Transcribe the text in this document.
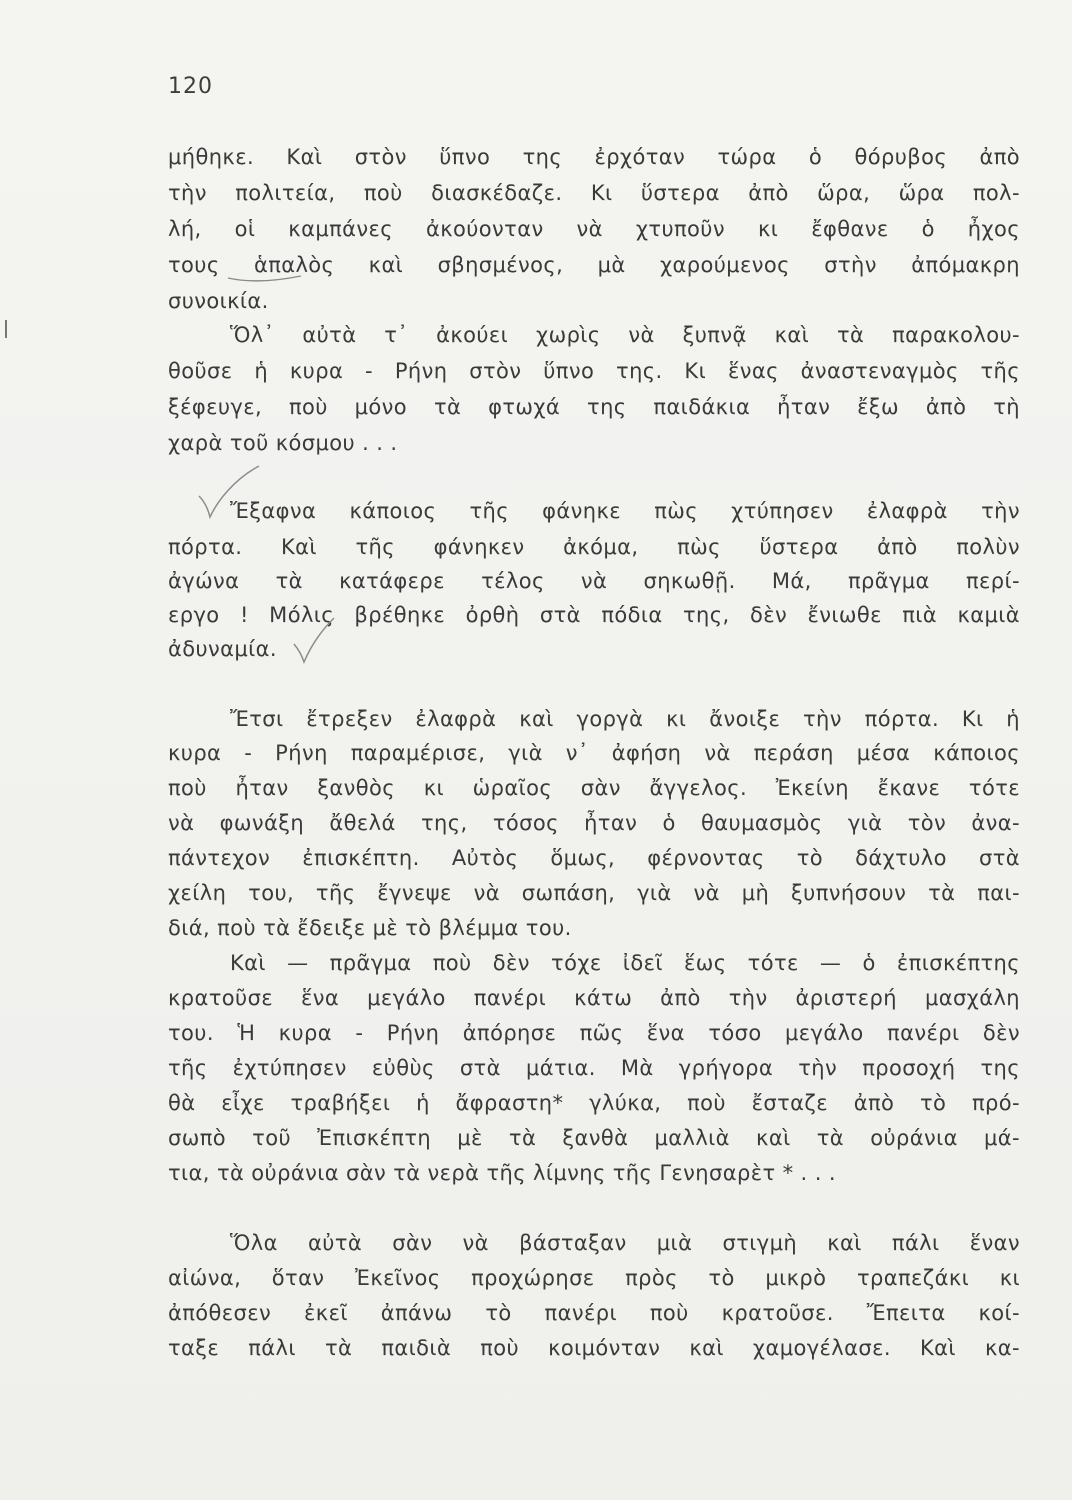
120
μήθηκε. Καὶ στὸν ὕπνο της ἐρχόταν τώρα ὁ θόρυβος ἀπὸ
τὴν πολιτεία, ποὺ διασκέδαζε. Κι ὕστερα ἀπὸ ὥρα, ὥρα πολ-
λή, οἱ καμπάνες ἀκούονταν νὰ χτυποῦν κι ἔφθανε ὁ ἦχος
τους ἁπαλὸς καὶ σβησμένος, μὰ χαρούμενος στὴν ἀπόμακρη
συνοικία.
Ὅλ᾿ αὐτὰ τ᾿ ἀκούει χωρὶς νὰ ξυπνᾷ καὶ τὰ παρακολου-
θοῦσε ἡ κυρα - Ρήνη στὸν ὕπνο της. Κι ἕνας ἀναστεναγμὸς τῆς
ξέφευγε, ποὺ μόνο τὰ φτωχά της παιδάκια ἦταν ἔξω ἀπὸ τὴ
χαρὰ τοῦ κόσμου . . .
Ἔξαφνα κάποιος τῆς φάνηκε πὼς χτύπησεν ἐλαφρὰ τὴν
πόρτα. Καὶ τῆς φάνηκεν ἀκόμα, πὼς ὕστερα ἀπὸ πολὺν
ἀγώνα τὰ κατάφερε τέλος νὰ σηκωθῇ. Μά, πρᾶγμα περί-
εργο ! Μόλις βρέθηκε ὀρθὴ στὰ πόδια της, δὲν ἔνιωθε πιὰ καμιὰ
ἀδυναμία.
Ἔτσι ἔτρεξεν ἐλαφρὰ καὶ γοργὰ κι ἄνοιξε τὴν πόρτα. Κι ἡ
κυρα - Ρήνη παραμέρισε, γιὰ ν᾿ ἀφήση νὰ περάση μέσα κάποιος
ποὺ ἦταν ξανθὸς κι ὡραῖος σὰν ἄγγελος. Ἐκείνη ἔκανε τότε
νὰ φωνάξη ἄθελά της, τόσος ἦταν ὁ θαυμασμὸς γιὰ τὸν ἀνα-
πάντεχον ἐπισκέπτη. Αὐτὸς ὅμως, φέρνοντας τὸ δάχτυλο στὰ
χείλη του, τῆς ἔγνεψε νὰ σωπάση, γιὰ νὰ μὴ ξυπνήσουν τὰ παι-
διά, ποὺ τὰ ἔδειξε μὲ τὸ βλέμμα του.
Καὶ — πρᾶγμα ποὺ δὲν τόχε ἰδεῖ ἕως τότε — ὁ ἐπισκέπτης
κρατοῦσε ἕνα μεγάλο πανέρι κάτω ἀπὸ τὴν ἀριστερή μασχάλη
του. Ἡ κυρα - Ρήνη ἀπόρησε πῶς ἕνα τόσο μεγάλο πανέρι δὲν
τῆς ἐχτύπησεν εὐθὺς στὰ μάτια. Μὰ γρήγορα τὴν προσοχή της
θὰ εἶχε τραβήξει ἡ ἄφραστη* γλύκα, ποὺ ἔσταζε ἀπὸ τὸ πρό-
σωπὸ τοῦ Ἐπισκέπτη μὲ τὰ ξανθὰ μαλλιὰ καὶ τὰ οὐράνια μά-
τια, τὰ οὐράνια σὰν τὰ νερὰ τῆς λίμνης τῆς Γενησαρὲτ * . . .
Ὅλα αὐτὰ σὰν νὰ βάσταξαν μιὰ στιγμὴ καὶ πάλι ἕναν
αἰώνα, ὅταν Ἐκεῖνος προχώρησε πρὸς τὸ μικρὸ τραπεζάκι κι
ἀπόθεσεν ἐκεῖ ἀπάνω τὸ πανέρι ποὺ κρατοῦσε. Ἔπειτα κοί-
ταξε πάλι τὰ παιδιὰ ποὺ κοιμόνταν καὶ χαμογέλασε. Καὶ κα-
